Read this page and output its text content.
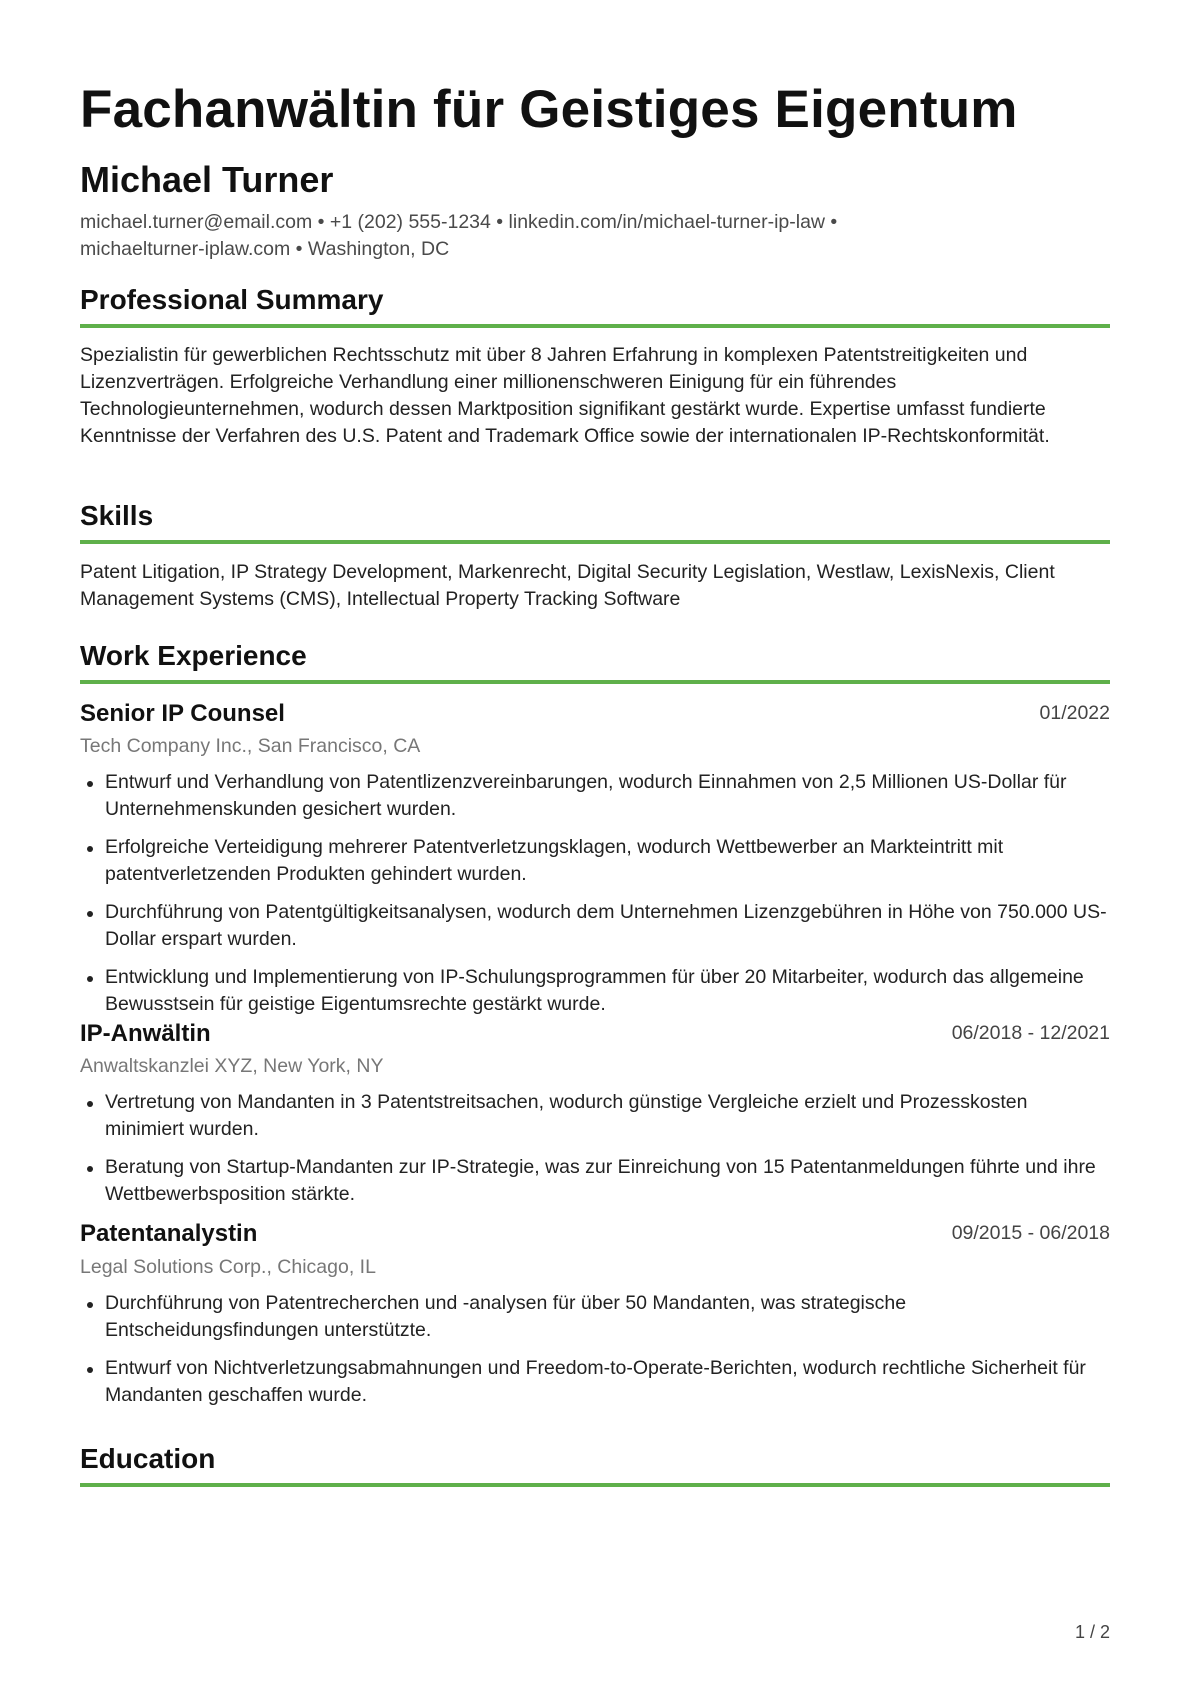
Fachanwältin für Geistiges Eigentum
Michael Turner
michael.turner@email.com • +1 (202) 555-1234 • linkedin.com/in/michael-turner-ip-law •
michaelturner-iplaw.com • Washington, DC
Professional Summary
Spezialistin für gewerblichen Rechtsschutz mit über 8 Jahren Erfahrung in komplexen Patentstreitigkeiten und Lizenzverträgen. Erfolgreiche Verhandlung einer millionenschweren Einigung für ein führendes Technologieunternehmen, wodurch dessen Marktposition signifikant gestärkt wurde. Expertise umfasst fundierte Kenntnisse der Verfahren des U.S. Patent and Trademark Office sowie der internationalen IP-Rechtskonformität.
Skills
Patent Litigation, IP Strategy Development, Markenrecht, Digital Security Legislation, Westlaw, LexisNexis, Client Management Systems (CMS), Intellectual Property Tracking Software
Work Experience
Senior IP Counsel	01/2022
Tech Company Inc., San Francisco, CA
Entwurf und Verhandlung von Patentlizenzvereinbarungen, wodurch Einnahmen von 2,5 Millionen US-Dollar für Unternehmenskunden gesichert wurden.
Erfolgreiche Verteidigung mehrerer Patentverletzungsklagen, wodurch Wettbewerber an Markteintritt mit patentverletzenden Produkten gehindert wurden.
Durchführung von Patentgültigkeitsanalysen, wodurch dem Unternehmen Lizenzgebühren in Höhe von 750.000 US-Dollar erspart wurden.
Entwicklung und Implementierung von IP-Schulungsprogrammen für über 20 Mitarbeiter, wodurch das allgemeine Bewusstsein für geistige Eigentumsrechte gestärkt wurde.
IP-Anwältin	06/2018 - 12/2021
Anwaltskanzlei XYZ, New York, NY
Vertretung von Mandanten in 3 Patentstreitsachen, wodurch günstige Vergleiche erzielt und Prozesskosten minimiert wurden.
Beratung von Startup-Mandanten zur IP-Strategie, was zur Einreichung von 15 Patentanmeldungen führte und ihre Wettbewerbsposition stärkte.
Patentanalystin	09/2015 - 06/2018
Legal Solutions Corp., Chicago, IL
Durchführung von Patentrecherchen und -analysen für über 50 Mandanten, was strategische Entscheidungsfindungen unterstützte.
Entwurf von Nichtverletzungsabmahnungen und Freedom-to-Operate-Berichten, wodurch rechtliche Sicherheit für Mandanten geschaffen wurde.
Education
1 / 2
